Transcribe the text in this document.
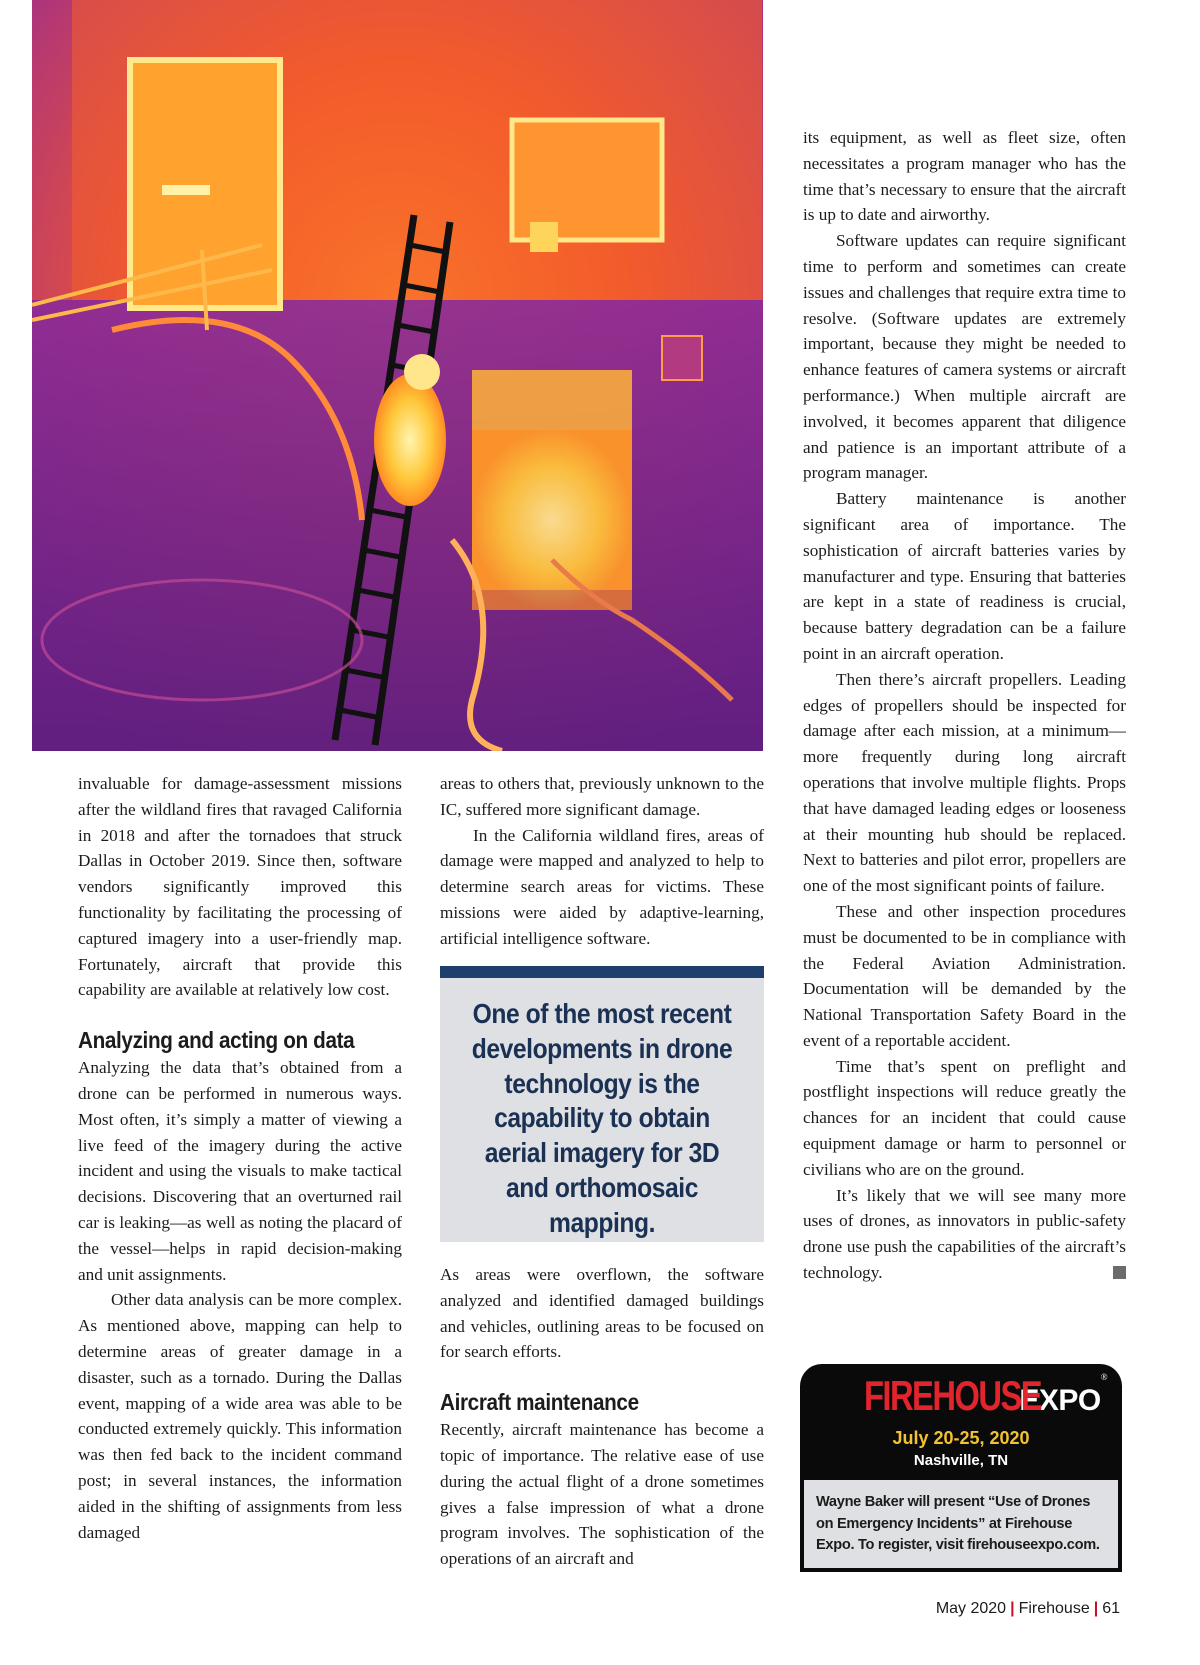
invaluable for damage-assessment missions after the wildland fires that ravaged California in 2018 and after the tornadoes that struck Dallas in October 2019. Since then, software vendors significantly improved this functionality by facilitating the processing of captured imagery into a user-friendly map. Fortunately, aircraft that provide this capability are available at relatively low cost.

Analyzing and acting on data

Analyzing the data that’s obtained from a drone can be performed in numerous ways. Most often, it’s simply a matter of viewing a live feed of the imagery during the active incident and using the visuals to make tactical decisions. Discovering that an overturned rail car is leaking—as well as noting the placard of the vessel—helps in rapid decision-making and unit assignments.

Other data analysis can be more complex. As mentioned above, mapping can help to determine areas of greater damage in a disaster, such as a tornado. During the Dallas event, mapping of a wide area was able to be conducted extremely quickly. This information was then fed back to the incident command post; in several instances, the information aided in the shifting of assignments from less damaged

areas to others that, previously unknown to the IC, suffered more significant damage.

In the California wildland fires, areas of damage were mapped and analyzed to help to determine search areas for victims. These missions were aided by adaptive-learning, artificial intelligence software.

One of the most recent developments in drone technology is the capability to obtain aerial imagery for 3D and orthomosaic mapping.

As areas were overflown, the software analyzed and identified damaged buildings and vehicles, outlining areas to be focused on for search efforts.

Aircraft maintenance

Recently, aircraft maintenance has become a topic of importance. The relative ease of use during the actual flight of a drone sometimes gives a false impression of what a drone program involves. The sophistication of the operations of an aircraft and

its equipment, as well as fleet size, often necessitates a program manager who has the time that’s necessary to ensure that the aircraft is up to date and airworthy.

Software updates can require significant time to perform and sometimes can create issues and challenges that require extra time to resolve. (Software updates are extremely important, because they might be needed to enhance features of camera systems or aircraft performance.) When multiple aircraft are involved, it becomes apparent that diligence and patience is an important attribute of a program manager.

Battery maintenance is another significant area of importance. The sophistication of aircraft batteries varies by manufacturer and type. Ensuring that batteries are kept in a state of readiness is crucial, because battery degradation can be a failure point in an aircraft operation.

Then there’s aircraft propellers. Leading edges of propellers should be inspected for damage after each mission, at a minimum—more frequently during long aircraft operations that involve multiple flights. Props that have damaged leading edges or looseness at their mounting hub should be replaced. Next to batteries and pilot error, propellers are one of the most significant points of failure.

These and other inspection procedures must be documented to be in compliance with the Federal Aviation Administration. Documentation will be demanded by the National Transportation Safety Board in the event of a reportable accident.

Time that’s spent on preflight and postflight inspections will reduce greatly the chances for an incident that could cause equipment damage or harm to personnel or civilians who are on the ground.

It’s likely that we will see many more uses of drones, as innovators in public-safety drone use push the capabilities of the aircraft’s technology.

FIREHOUSEEXPO®
July 20-25, 2020
Nashville, TN
Wayne Baker will present “Use of Drones on Emergency Incidents” at Firehouse Expo. To register, visit firehouseexpo.com.
May 2020 | Firehouse | 61
